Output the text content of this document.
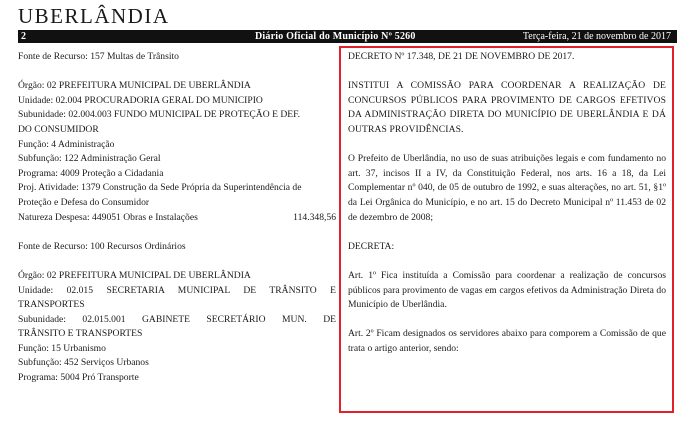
UBERLÂNDIA
2	Diário Oficial do Município Nº 5260	Terça-feira, 21 de novembro de 2017

Fonte de Recurso: 157 Multas de Trânsito

Órgão: 02 PREFEITURA MUNICIPAL DE UBERLÂNDIA

Unidade: 02.004 PROCURADORIA GERAL DO MUNICIPIO

Subunidade: 02.004.003 FUNDO MUNICIPAL DE PROTEÇÃO E DEF.

DO CONSUMIDOR

Função: 4 Administração

Subfunção: 122 Administração Geral

Programa: 4009 Proteção a Cidadania

Proj. Atividade: 1379 Construção da Sede Própria da Superintendência de

Proteção e Defesa do Consumidor

Natureza Despesa: 449051 Obras e Instalações	114.348,56

Fonte de Recurso: 100 Recursos Ordinários

Órgão: 02 PREFEITURA MUNICIPAL DE UBERLÂNDIA

Unidade: 02.015 SECRETARIA MUNICIPAL DE TRÂNSITO E

TRANSPORTES

Subunidade: 02.015.001 GABINETE SECRETÁRIO MUN. DE

TRÂNSITO E TRANSPORTES

Função: 15 Urbanismo

Subfunção: 452 Serviços Urbanos

Programa: 5004 Pró Transporte

DECRETO Nº 17.348, DE 21 DE NOVEMBRO DE 2017.

INSTITUI A COMISSÃO PARA COORDENAR A REALIZAÇÃO DE CONCURSOS PÚBLICOS PARA PROVIMENTO DE CARGOS EFETIVOS DA ADMINISTRAÇÃO DIRETA DO MUNICÍPIO DE UBERLÂNDIA E DÁ OUTRAS PROVIDÊNCIAS.

O Prefeito de Uberlândia, no uso de suas atribuições legais e com fundamento no art. 37, incisos II a IV, da Constituição Federal, nos arts. 16 a 18, da Lei Complementar nº 040, de 05 de outubro de 1992, e suas alterações, no art. 51, §1º da Lei Orgânica do Município, e no art. 15 do Decreto Municipal nº 11.453 de 02 de dezembro de 2008;

DECRETA:

Art. 1º Fica instituída a Comissão para coordenar a realização de concursos públicos para provimento de vagas em cargos efetivos da Administração Direta do Município de Uberlândia.

Art. 2º Ficam designados os servidores abaixo para comporem a Comissão de que trata o artigo anterior, sendo:
